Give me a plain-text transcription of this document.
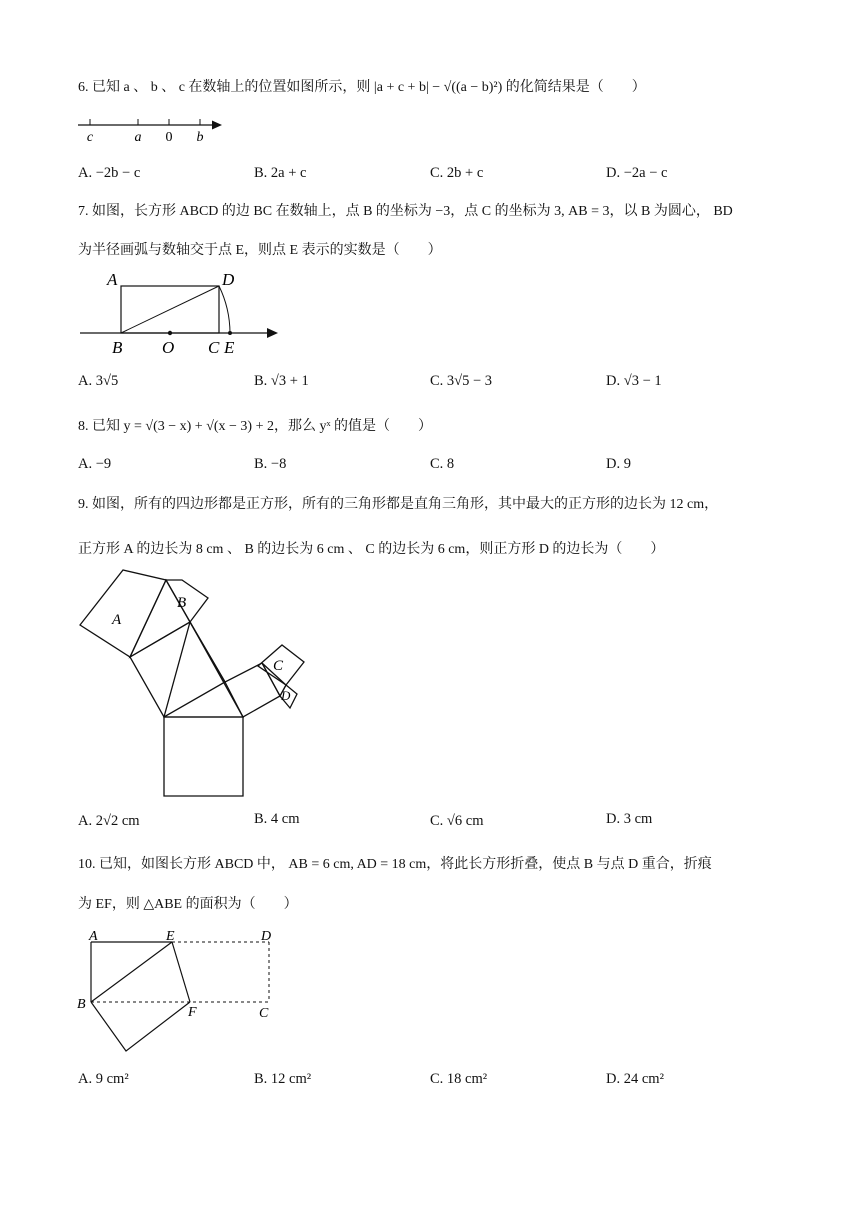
6. 已知 a 、 b 、 c 在数轴上的位置如图所示，则 |a + c + b| − √((a − b)²) 的化简结果是（　　）
c	a 0 b
A. −2b − c	B. 2a + c	C. 2b + c	D. −2a − c
7. 如图，长方形 ABCD 的边 BC 在数轴上，点 B 的坐标为 −3，点 C 的坐标为 3, AB = 3，以 B 为圆心， BD
为半径画弧与数轴交于点 E，则点 E 表示的实数是（　　）
A	D
B O C E
A. 3√5	B. √3 + 1	C. 3√5 − 3	D. √3 − 1
8. 已知 y = √(3 − x) + √(x − 3) + 2，那么 yˣ 的值是（　　）
A. −9	B. −8	C. 8	D. 9
9. 如图，所有的四边形都是正方形，所有的三角形都是直角三角形，其中最大的正方形的边长为 12 cm，
正方形 A 的边长为 8 cm 、 B 的边长为 6 cm 、 C 的边长为 6 cm，则正方形 D 的边长为（　　）
A
B
C
D
A. 2√2 cm	B. 4 cm	C. √6 cm	D. 3 cm
10. 已知，如图长方形 ABCD 中， AB = 6 cm, AD = 18 cm，将此长方形折叠，使点 B 与点 D 重合，折痕
为 EF，则 △ABE 的面积为（　　）
A	E	D
B
F	C
A. 9 cm²	B. 12 cm²	C. 18 cm²	D. 24 cm²
